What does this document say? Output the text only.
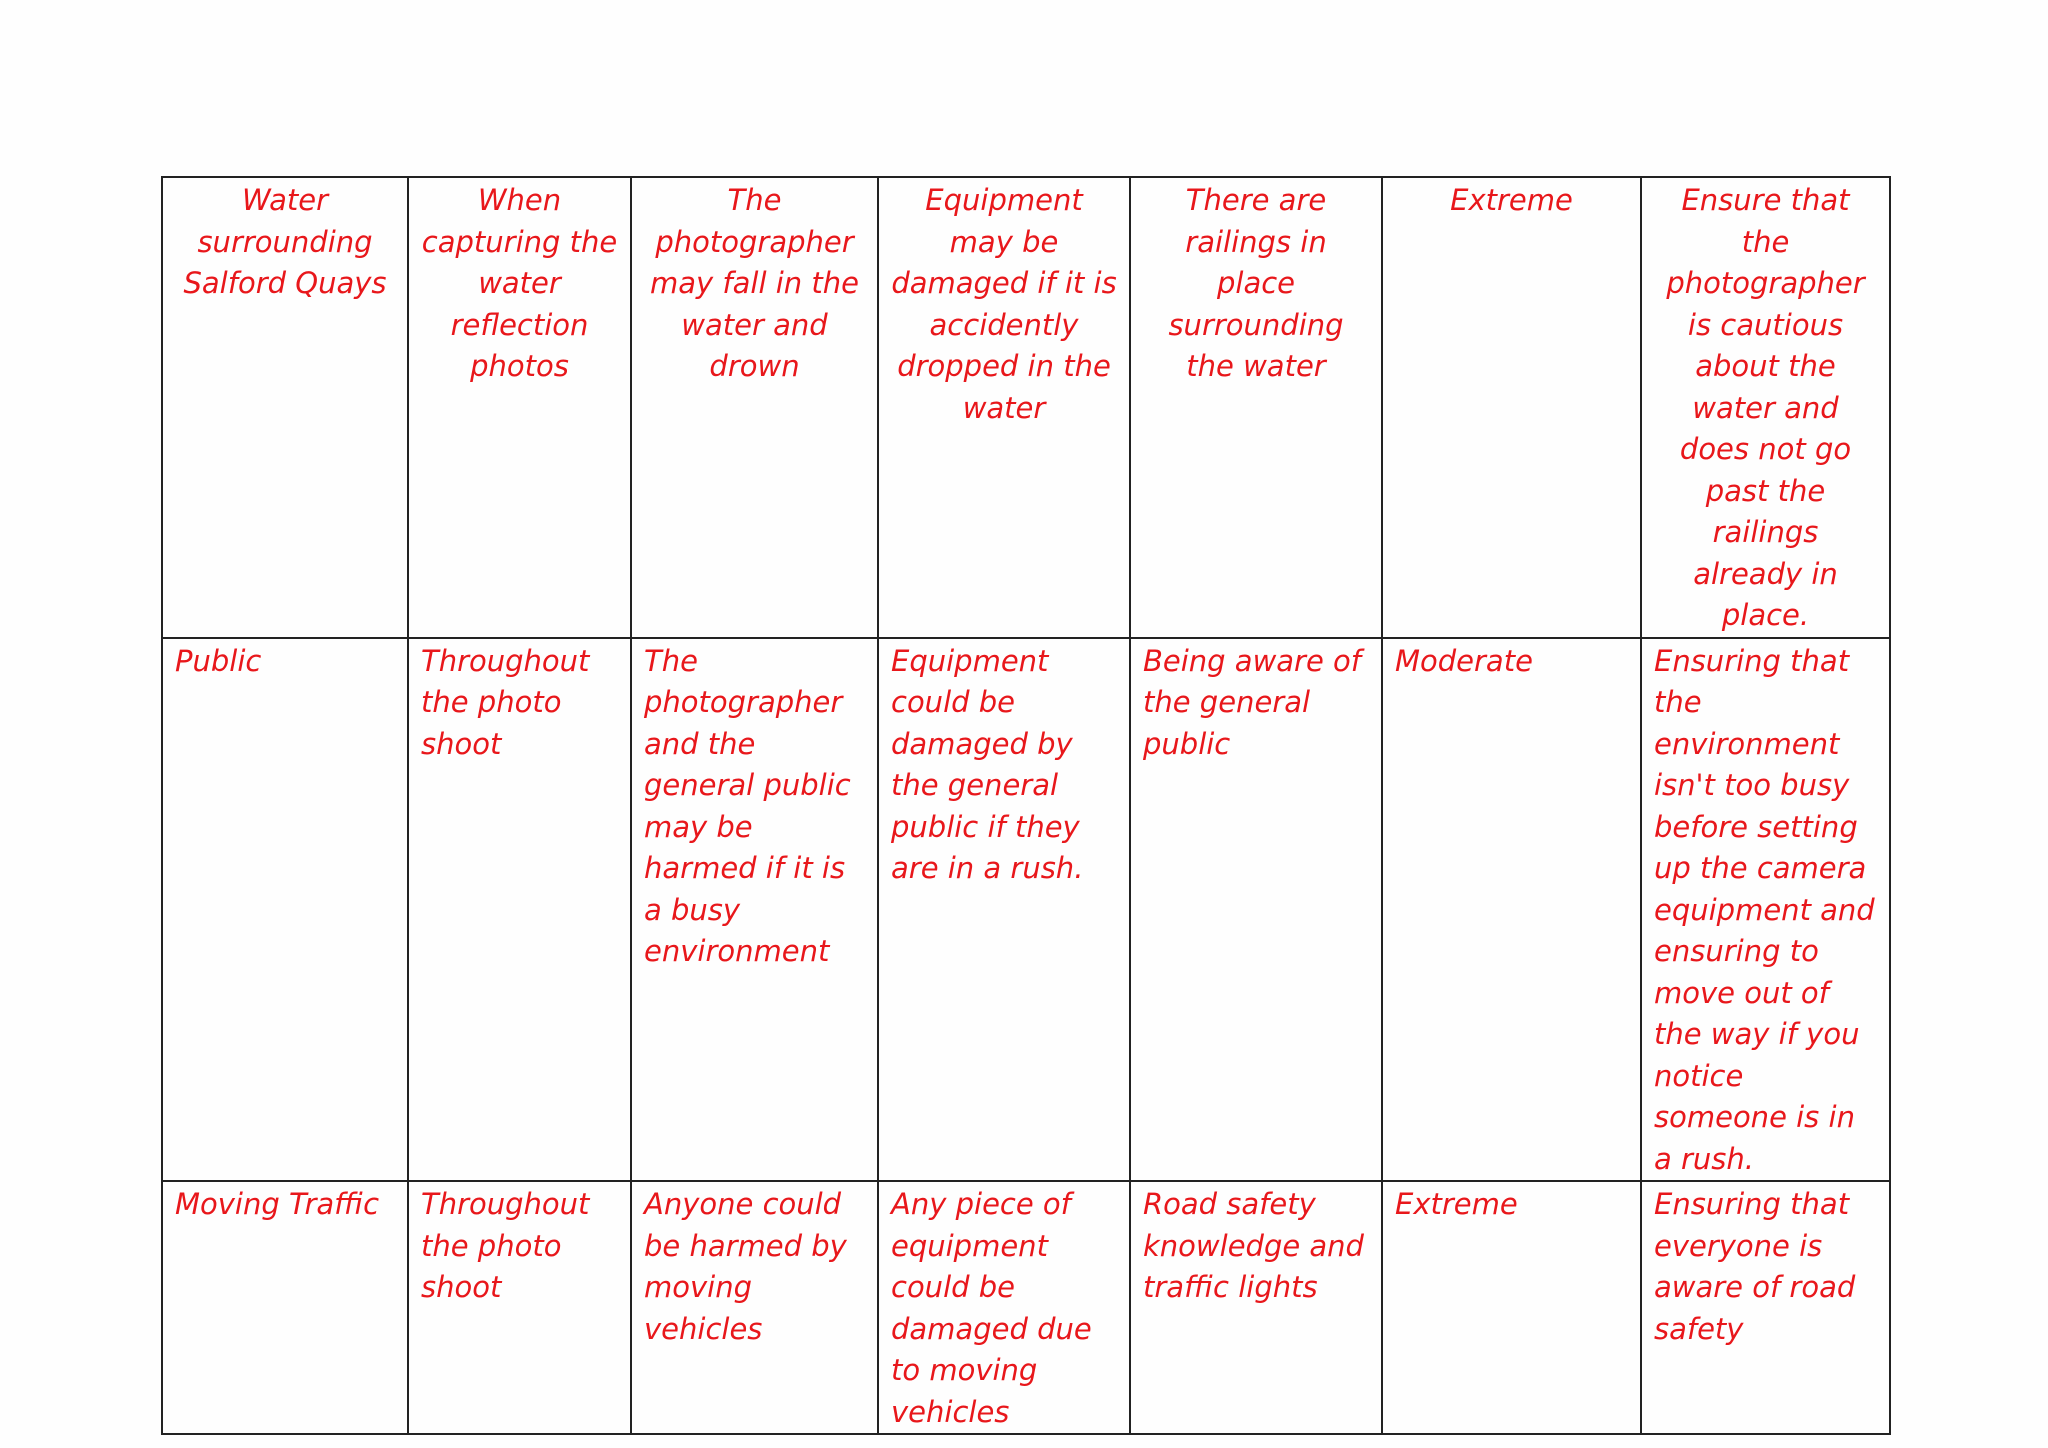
Water surrounding Salford Quays	When capturing the water reflection photos	The photographer may fall in the water and drown	Equipment may be damaged if it is accidently dropped in the water	There are railings in place surrounding the water	Extreme	Ensure that the photographer is cautious about the water and does not go past the railings already in place.
Public	Throughout the photo shoot	The photographer and the general public may be harmed if it is a busy environment	Equipment could be damaged by the general public if they are in a rush.	Being aware of the general public	Moderate	Ensuring that the environment isn't too busy before setting up the camera equipment and ensuring to move out of the way if you notice someone is in a rush.
Moving Traffic	Throughout the photo shoot	Anyone could be harmed by moving vehicles	Any piece of equipment could be damaged due to moving vehicles	Road safety knowledge and traffic lights	Extreme	Ensuring that everyone is aware of road safety
